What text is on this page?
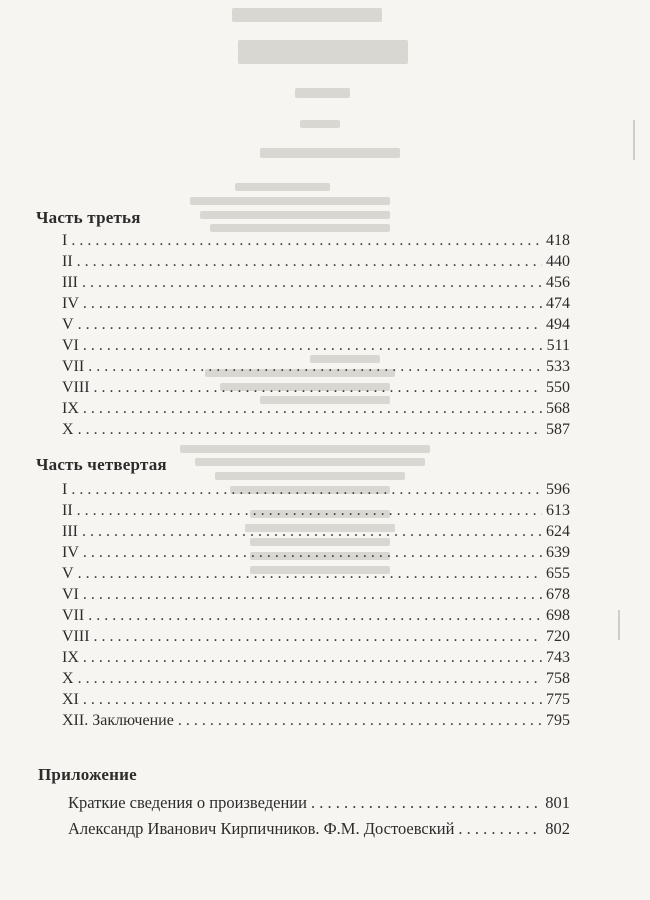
Часть третья
I . . .	418
II . . .	440
III . . .	456
IV . . .	474
V . . .	494
VI . . .	511
VII . . .	533
VIII . . .	550
IX . . .	568
X . . .	587
Часть четвертая
I . . .	596
II . . .	613
III . . .	624
IV . . .	639
V . . .	655
VI . . .	678
VII . . .	698
VIII . . .	720
IX . . .	743
X . . .	758
XI . . .	775
XII. Заключение . . .	795
Приложение
Краткие сведения о произведении . . .	801
Александр Иванович Кирпичников. Ф.М. Достоевский . . .	802
